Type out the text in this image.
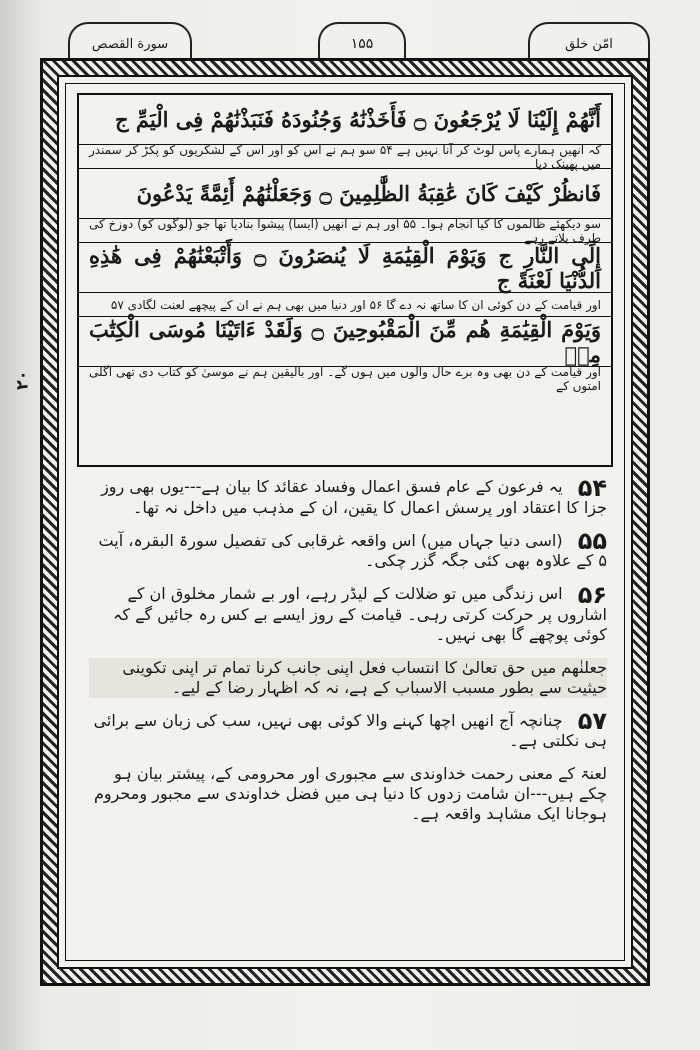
سورة القصص	۱۵۵	امّن خلق
۲۰
أَنَّهُمْ إِلَيْنَا لَا يُرْجَعُونَ ۝ فَأَخَذْنَٰهُ وَجُنُودَهُ فَنَبَذْنَٰهُمْ فِى الْيَمِّ ج
کہ انھیں ہمارے پاس لوٹ کر آنا نہیں ہے ۵۴ سو ہم نے اس کو اور اس کے لشکریوں کو پکڑ کر سمندر میں پھینک دیا
فَانظُرْ كَيْفَ كَانَ عَٰقِبَةُ الظَّٰلِمِينَ ۝ وَجَعَلْنَٰهُمْ أَئِمَّةً يَدْعُونَ
سو دیکھئے ظالموں کا کیا انجام ہوا۔ ۵۵ اور ہم نے انھیں (ایسا) پیشوا بنادیا تھا جو (لوگوں کو) دوزخ کی طرف بلاتے رہے
إِلَى النَّارِ ج وَيَوْمَ الْقِيَٰمَةِ لَا يُنصَرُونَ ۝ وَأَتْبَعْنَٰهُمْ فِى هَٰذِهِ الدُّنْيَا لَعْنَةً ج
اور قیامت کے دن کوئی ان کا ساتھ نہ دے گا ۵۶ اور دنیا میں بھی ہم نے ان کے پیچھے لعنت لگادی ۵۷
وَيَوْمَ الْقِيَٰمَةِ هُم مِّنَ الْمَقْبُوحِينَ ۝ وَلَقَدْ ءَاتَيْنَا مُوسَى الْكِتَٰبَ مِنۢ
اور قیامت کے دن بھی وہ برے حال والوں میں ہوں گے۔ اور بالیقین ہم نے موسیٰ کو کتاب دی تھی اگلی امتوں کے

۵۴ یہ فرعون کے عام فسق اعمال وفساد عقائد کا بیان ہے---یوں بھی روز جزا کا اعتقاد اور پرسش اعمال کا یقین، ان کے مذہب میں داخل نہ تھا۔

۵۵ (اسی دنیا جہاں میں) اس واقعہ غرقابی کی تفصیل سورۃ البقرہ، آیت ۵ کے علاوہ بھی کئی جگہ گزر چکی۔

۵۶ اس زندگی میں تو ضلالت کے لیڈر رہے، اور بے شمار مخلوق ان کے اشاروں پر حرکت کرتی رہی۔ قیامت کے روز ایسے بے کس رہ جائیں گے کہ کوئی پوچھے گا بھی نہیں۔

جعلنٰھم میں حق تعالیٰ کا انتساب فعل اپنی جانب کرنا تمام تر اپنی تکوینی حیثیت سے بطور مسبب الاسباب کے ہے، نہ کہ اظہار رضا کے لیے۔

۵۷ چنانچہ آج انھیں اچھا کہنے والا کوئی بھی نہیں، سب کی زبان سے برائی ہی نکلتی ہے۔

لعنۃ کے معنی رحمت خداوندی سے مجبوری اور محرومی کے، پیشتر بیان ہو چکے ہیں---ان شامت زدوں کا دنیا ہی میں فضل خداوندی سے مجبور ومحروم ہوجانا ایک مشاہد واقعہ ہے۔
